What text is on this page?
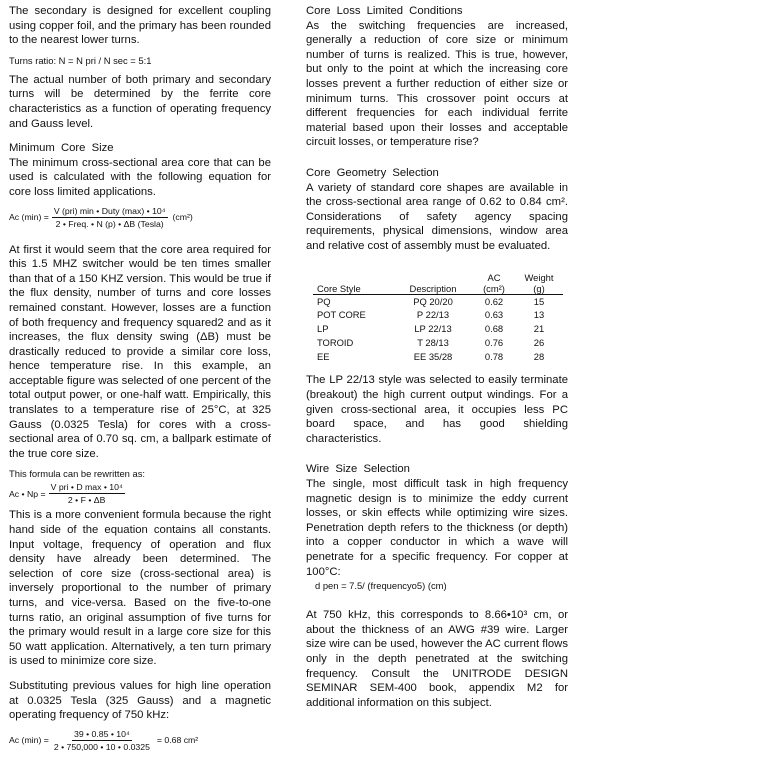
The secondary is designed for excellent coupling using copper foil, and the primary has been rounded to the nearest lower turns.

Turns ratio: N = N pri / N sec = 5:1

The actual number of both primary and secondary turns will be determined by the ferrite core characteristics as a function of operating frequency and Gauss level.

Minimum Core Size

The minimum cross-sectional area core that can be used is calculated with the following equation for core loss limited applications.

Ac $(\min) = \frac{\text{V (pri) min • Duty (max) • 10⁴}}{\text{2 • Freq. • N (p) • ΔB (Tesla)}} (cm^2)$

At first it would seem that the core area required for this 1.5 MHZ switcher would be ten times smaller than that of a 150 KHZ version. This would be true if the flux density, number of turns and core losses remained constant. However, losses are a function of both frequency and frequency squared2 and as it increases, the flux density swing (ΔB) must be drastically reduced to provide a similar core loss, hence temperature rise. In this example, an acceptable figure was selected of one percent of the total output power, or one-half watt. Empirically, this translates to a temperature rise of 25°C, at 325 Gauss (0.0325 Tesla) for cores with a cross-sectional area of 0.70 sq. cm, a ballpark estimate of the true core size.

This formula can be rewritten as:

Ac • $Np = \frac{\text{V pri • D max • 10⁴}}{2 • F • \Delta B}$

This is a more convenient formula because the right hand side of the equation contains all constants. Input voltage, frequency of operation and flux density have already been determined. The selection of core size (cross-sectional area) is inversely proportional to the number of primary turns, and vice-versa. Based on the five-to-one turns ratio, an original assumption of five turns for the primary would result in a large core size for this 50 watt application. Alternatively, a ten turn primary is used to minimize core size.

Substituting previous values for high line operation at 0.0325 Tesla (325 Gauss) and a magnetic operating frequency of 750 kHz:

Ac $(\min) = \frac{\text{39 • 0.85 • 10⁴}}{2 • 750,000 • 10 • 0.0325} = 0.68$ cm²

Core Loss Limited Conditions

As the switching frequencies are increased, generally a reduction of core size or minimum number of turns is realized. This is true, however, but only to the point at which the increasing core losses prevent a further reduction of either size or minimum turns. This crossover point occurs at different frequencies for each individual ferrite material based upon their losses and acceptable circuit losses, or temperature rise?

Core Geometry Selection

A variety of standard core shapes are available in the cross-sectional area range of 0.62 to 0.84 cm². Considerations of safety agency spacing requirements, physical dimensions, window area and relative cost of assembly must be evaluated.

Core Style	Description	AC	Weight
		(cm²)	(g)
PQ	PQ 20/20	0.62	15
POT CORE	P 22/13	0.63	13
LP	LP 22/13	0.68	21
TOROID	T 28/13	0.76	26
EE	EE 35/28	0.78	28

The LP 22/13 style was selected to easily terminate (breakout) the high current output windings. For a given cross-sectional area, it occupies less PC board space, and has good shielding characteristics.

Wire Size Selection

The single, most difficult task in high frequency magnetic design is to minimize the eddy current losses, or skin effects while optimizing wire sizes. Penetration depth refers to the thickness (or depth) into a copper conductor in which a wave will penetrate for a specific frequency. For copper at 100°C:

d pen = 7.5/ (frequencyo5) (cm)

At 750 kHz, this corresponds to 8.66•10³ cm, or about the thickness of an AWG #39 wire. Larger size wire can be used, however the AC current flows only in the depth penetrated at the switching frequency. Consult the UNITRODE DESIGN SEMINAR SEM-400 book, appendix M2 for additional information on this subject.
